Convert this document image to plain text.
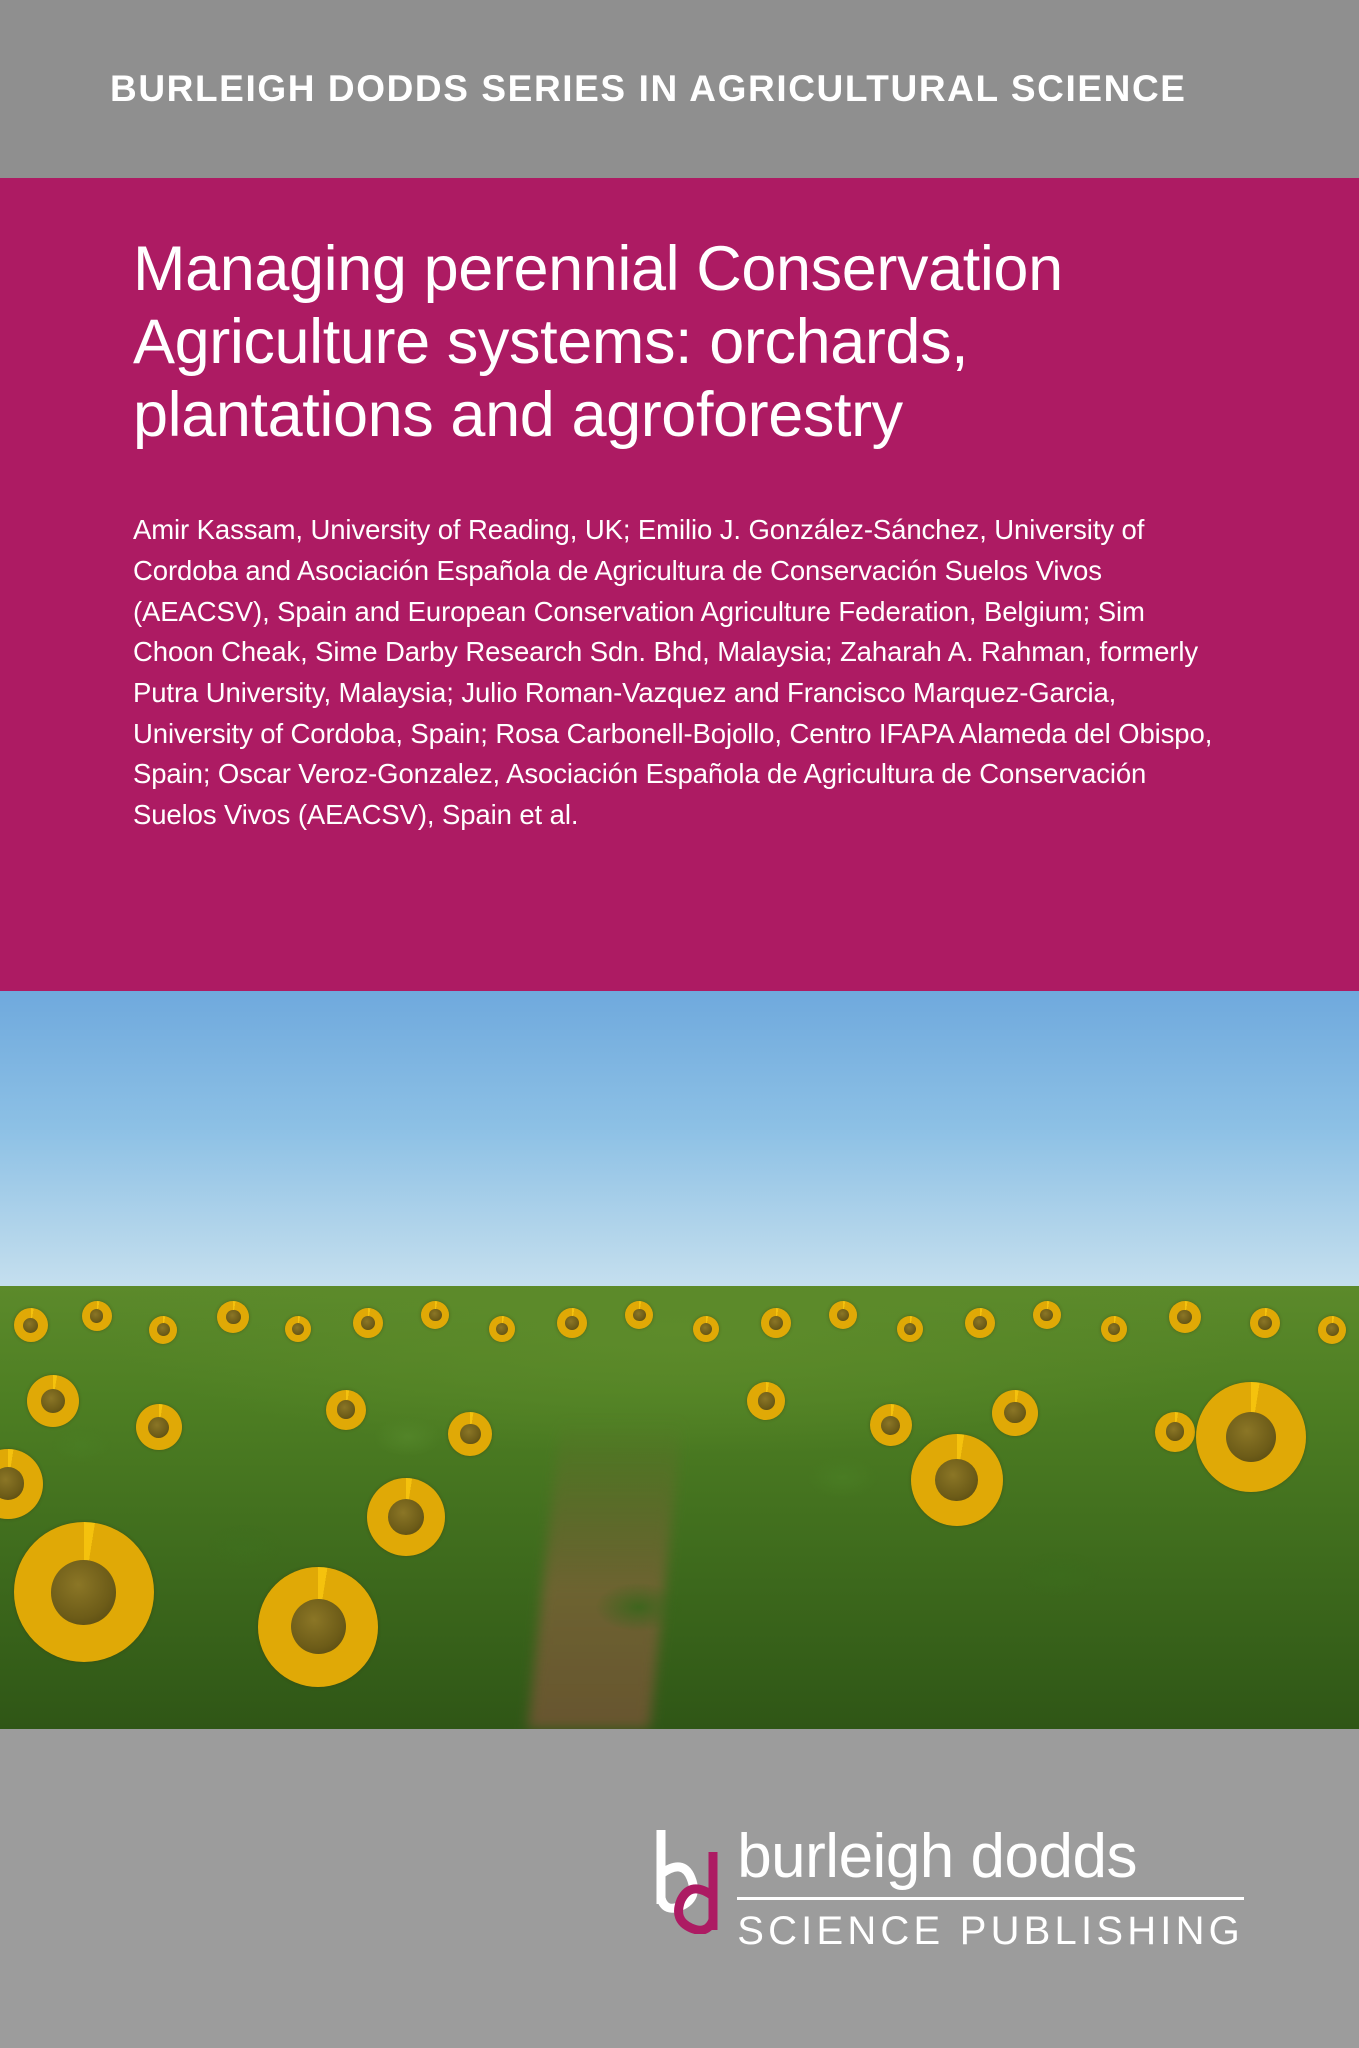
BURLEIGH DODDS SERIES IN AGRICULTURAL SCIENCE
Managing perennial Conservation Agriculture systems: orchards, plantations and agroforestry

Amir Kassam, University of Reading, UK; Emilio J. González-Sánchez, University of Cordoba and Asociación Española de Agricultura de Conservación Suelos Vivos (AEACSV), Spain and European Conservation Agriculture Federation, Belgium; Sim Choon Cheak, Sime Darby Research Sdn. Bhd, Malaysia; Zaharah A. Rahman, formerly Putra University, Malaysia; Julio Roman-Vazquez and Francisco Marquez-Garcia, University of Cordoba, Spain; Rosa Carbonell-Bojollo, Centro IFAPA Alameda del Obispo, Spain; Oscar Veroz-Gonzalez, Asociación Española de Agricultura de Conservación Suelos Vivos (AEACSV), Spain et al.

burleigh dodds
SCIENCE PUBLISHING
